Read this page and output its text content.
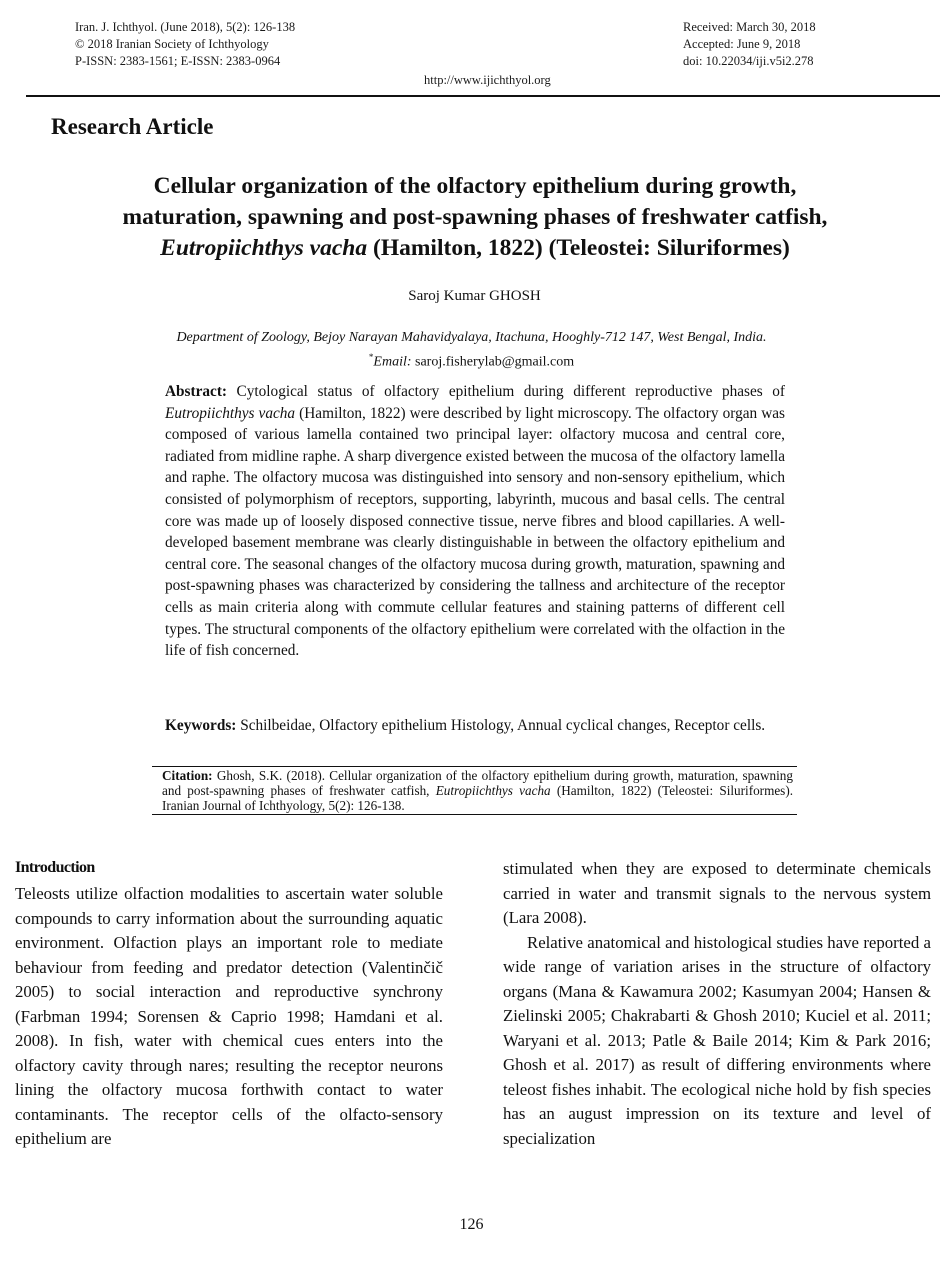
Iran. J. Ichthyol. (June 2018), 5(2): 126-138
© 2018 Iranian Society of Ichthyology
P-ISSN: 2383-1561; E-ISSN: 2383-0964
Received: March 30, 2018
Accepted: June 9, 2018
doi: 10.22034/iji.v5i2.278
http://www.ijichthyol.org
Research Article
Cellular organization of the olfactory epithelium during growth,
maturation, spawning and post-spawning phases of freshwater catfish,
Eutropiichthys vacha (Hamilton, 1822) (Teleostei: Siluriformes)
Saroj Kumar GHOSH
Department of Zoology, Bejoy Narayan Mahavidyalaya, Itachuna, Hooghly-712 147, West Bengal, India.
*Email: saroj.fisherylab@gmail.com
Abstract: Cytological status of olfactory epithelium during different reproductive phases of Eutropiichthys vacha (Hamilton, 1822) were described by light microscopy. The olfactory organ was composed of various lamella contained two principal layer: olfactory mucosa and central core, radiated from midline raphe. A sharp divergence existed between the mucosa of the olfactory lamella and raphe. The olfactory mucosa was distinguished into sensory and non-sensory epithelium, which consisted of polymorphism of receptors, supporting, labyrinth, mucous and basal cells. The central core was made up of loosely disposed connective tissue, nerve fibres and blood capillaries. A well-developed basement membrane was clearly distinguishable in between the olfactory epithelium and central core. The seasonal changes of the olfactory mucosa during growth, maturation, spawning and post-spawning phases was characterized by considering the tallness and architecture of the receptor cells as main criteria along with commute cellular features and staining patterns of different cell types. The structural components of the olfactory epithelium were correlated with the olfaction in the life of fish concerned.
Keywords: Schilbeidae, Olfactory epithelium Histology, Annual cyclical changes, Receptor cells.
Citation: Ghosh, S.K. (2018). Cellular organization of the olfactory epithelium during growth, maturation, spawning and post-spawning phases of freshwater catfish, Eutropiichthys vacha (Hamilton, 1822) (Teleostei: Siluriformes). Iranian Journal of Ichthyology, 5(2): 126-138.
Introduction
Teleosts utilize olfaction modalities to ascertain water soluble compounds to carry information about the surrounding aquatic environment. Olfaction plays an important role to mediate behaviour from feeding and predator detection (Valentinčič 2005) to social interaction and reproductive synchrony (Farbman 1994; Sorensen & Caprio 1998; Hamdani et al. 2008). In fish, water with chemical cues enters into the olfactory cavity through nares; resulting the receptor neurons lining the olfactory mucosa forthwith contact to water contaminants. The receptor cells of the olfacto-sensory epithelium are
stimulated when they are exposed to determinate chemicals carried in water and transmit signals to the nervous system (Lara 2008).
Relative anatomical and histological studies have reported a wide range of variation arises in the structure of olfactory organs (Mana & Kawamura 2002; Kasumyan 2004; Hansen & Zielinski 2005; Chakrabarti & Ghosh 2010; Kuciel et al. 2011; Waryani et al. 2013; Patle & Baile 2014; Kim & Park 2016; Ghosh et al. 2017) as result of differing environments where teleost fishes inhabit. The ecological niche hold by fish species has an august impression on its texture and level of specialization
126
